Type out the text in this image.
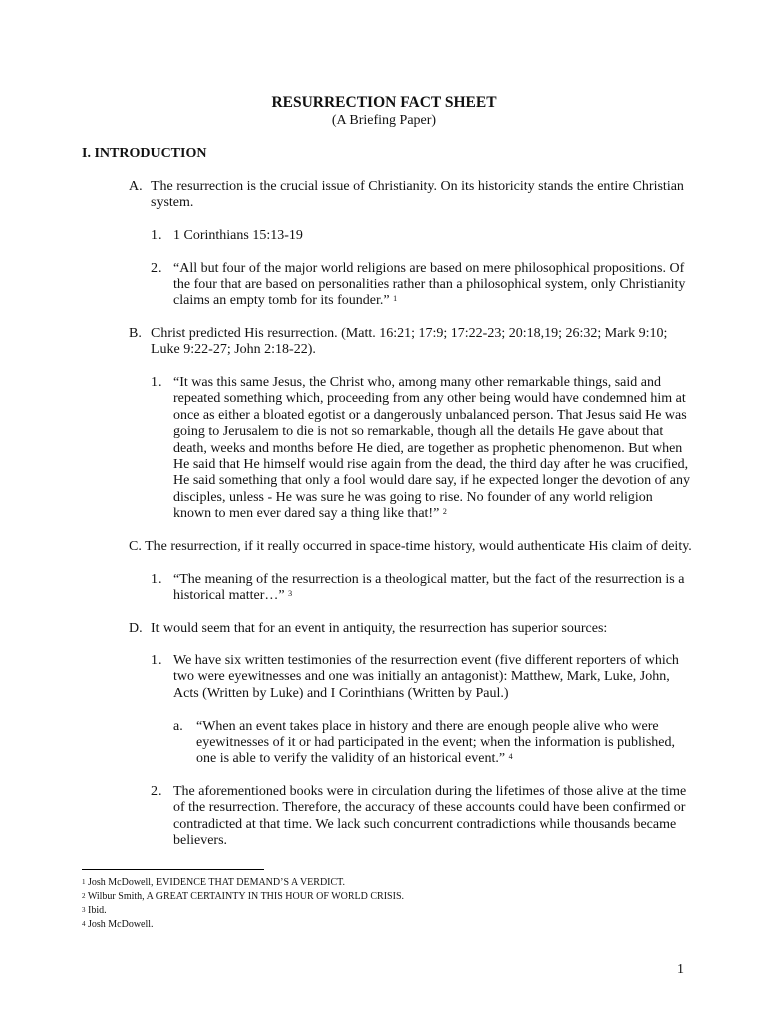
RESURRECTION FACT SHEET
(A Briefing Paper)
I. INTRODUCTION
A. The resurrection is the crucial issue of Christianity. On its historicity stands the entire Christian
system.
1. 1 Corinthians 15:13-19
2. “All but four of the major world religions are based on mere philosophical propositions. Of
the four that are based on personalities rather than a philosophical system, only Christianity
claims an empty tomb for its founder.” $^1$
B. Christ predicted His resurrection. (Matt. 16:21; 17:9; 17:22-23; 20:18,19; 26:32; Mark 9:10;
Luke 9:22-27; John 2:18-22).
1. “It was this same Jesus, the Christ who, among many other remarkable things, said and
repeated something which, proceeding from any other being would have condemned him at
once as either a bloated egotist or a dangerously unbalanced person. That Jesus said He was
going to Jerusalem to die is not so remarkable, though all the details He gave about that
death, weeks and months before He died, are together as prophetic phenomenon. But when
He said that He himself would rise again from the dead, the third day after he was crucified,
He said something that only a fool would dare say, if he expected longer the devotion of any
disciples, unless - He was sure he was going to rise. No founder of any world religion
known to men ever dared say a thing like that!” $^2$
C. The resurrection, if it really occurred in space-time history, would authenticate His claim of deity.
1. “The meaning of the resurrection is a theological matter, but the fact of the resurrection is a
historical matter…” $^3$
D. It would seem that for an event in antiquity, the resurrection has superior sources:
1. We have six written testimonies of the resurrection event (five different reporters of which
two were eyewitnesses and one was initially an antagonist): Matthew, Mark, Luke, John,
Acts (Written by Luke) and I Corinthians (Written by Paul.)
a. “When an event takes place in history and there are enough people alive who were
eyewitnesses of it or had participated in the event; when the information is published,
one is able to verify the validity of an historical event.” $^4$
2. The aforementioned books were in circulation during the lifetimes of those alive at the time
of the resurrection. Therefore, the accuracy of these accounts could have been confirmed or
contradicted at that time. We lack such concurrent contradictions while thousands became
believers.
$^1$ Josh McDowell, EVIDENCE THAT DEMAND’S A VERDICT.
$^2$ Wilbur Smith, A GREAT CERTAINTY IN THIS HOUR OF WORLD CRISIS.
$^3$ Ibid.
$^4$ Josh McDowell.
1
